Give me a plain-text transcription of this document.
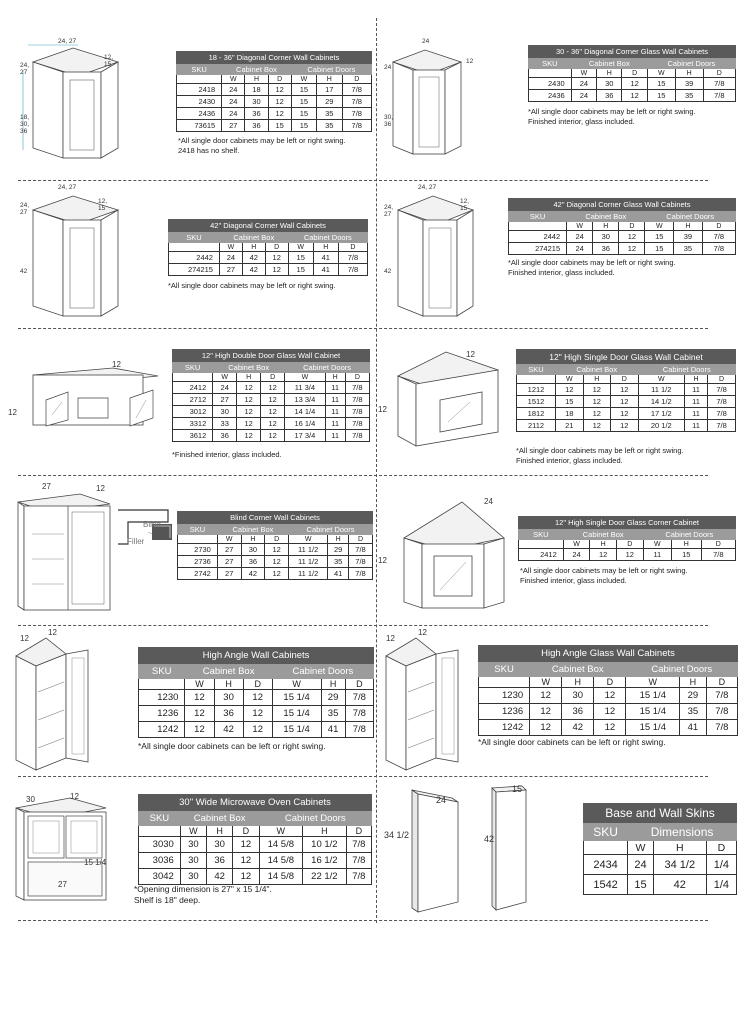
24, 27
12,
15
24,
27
18,
30,
36
18 - 36" Diagonal Corner Wall Cabinets						
SKU	Cabinet Box			Cabinet Doors		
	W	H	D	W	H	D
2418	24	18	12	15	17	7/8
2430	24	30	12	15	29	7/8
2436	24	36	12	15	35	7/8
73615	27	36	15	15	35	7/8
*All single door cabinets may be left or right swing.
2418 has no shelf.
24
12
24
30,
36
30 - 36" Diagonal Corner Glass Wall Cabinets						
SKU	Cabinet Box			Cabinet Doors		
	W	H	D	W	H	D
2430	24	30	12	15	39	7/8
2436	24	36	12	15	35	7/8
*All single door cabinets may be left or right swing.
Finished interior, glass included.
24, 27
12,
15
24,
27
42
42" Diagonal Corner Wall Cabinets						
SKU	Cabinet Box			Cabinet Doors		
	W	H	D	W	H	D
2442	24	42	12	15	41	7/8
274215	27	42	12	15	41	7/8
*All single door cabinets may be left or right swing.
24, 27
12,
15
24,
27
42
42" Diagonal Corner Glass Wall Cabinets						
SKU	Cabinet Box			Cabinet Doors		
	W	H	D	W	H	D
2442	24	30	12	15	39	7/8
274215	24	36	12	15	35	7/8
*All single door cabinets may be left or right swing.
Finished interior, glass included.
12
12
12" High Double Door Glass Wall Cabinet						
SKU	Cabinet Box			Cabinet Doors		
	W	H	D	W	H	D
2412	24	12	12	11 3/4	11	7/8
2712	27	12	12	13 3/4	11	7/8
3012	30	12	12	14 1/4	11	7/8
3312	33	12	12	16 1/4	11	7/8
3612	36	12	12	17 3/4	11	7/8
*Finished interior, glass included.
12
12
12" High Single Door Glass Wall Cabinet						
SKU	Cabinet Box			Cabinet Doors		
	W	H	D	W	H	D
1212	12	12	12	11 1/2	11	7/8
1512	15	12	12	14 1/2	11	7/8
1812	18	12	12	17 1/2	11	7/8
2112	21	12	12	20 1/2	11	7/8
*All single door cabinets may be left or right swing.
Finished interior, glass included.
27	12
Blind
Filler
Blind Corner Wall Cabinets						
SKU	Cabinet Box			Cabinet Doors		
	W	H	D	W	H	D
2730	27	30	12	11 1/2	29	7/8
2736	27	36	12	11 1/2	35	7/8
2742	27	42	12	11 1/2	41	7/8
24
12
12" High Single Door Glass Corner Cabinet						
SKU	Cabinet Box			Cabinet Doors		
	W	H	D	W	H	D
2412	24	12	12	11	15	7/8
*All single door cabinets may be left or right swing.
Finished interior, glass included.
12
12
High Angle Wall Cabinets						
SKU	Cabinet Box			Cabinet Doors		
	W	H	D	W	H	D
1230	12	30	12	15 1/4	29	7/8
1236	12	36	12	15 1/4	35	7/8
1242	12	42	12	15 1/4	41	7/8
*All single door cabinets can be left or right swing.
12
12
High Angle Glass Wall Cabinets						
SKU	Cabinet Box			Cabinet Doors		
	W	H	D	W	H	D
1230	12	30	12	15 1/4	29	7/8
1236	12	36	12	15 1/4	35	7/8
1242	12	42	12	15 1/4	41	7/8
*All single door cabinets can be left or right swing.
30	12
15 1/4
27
30" Wide Microwave Oven Cabinets						
SKU	Cabinet Box			Cabinet Doors		
	W	H	D	W	H	D
3030	30	30	12	14 5/8	10 1/2	7/8
3036	30	36	12	14 5/8	16 1/2	7/8
3042	30	42	12	14 5/8	22 1/2	7/8
*Opening dimension is 27" x 15 1/4".
Shelf is 18" deep.
24
34 1/2
15
42
Base and Wall Skins			
SKU	Dimensions		
	W	H	D
2434	24	34 1/2	1/4
1542	15	42	1/4
